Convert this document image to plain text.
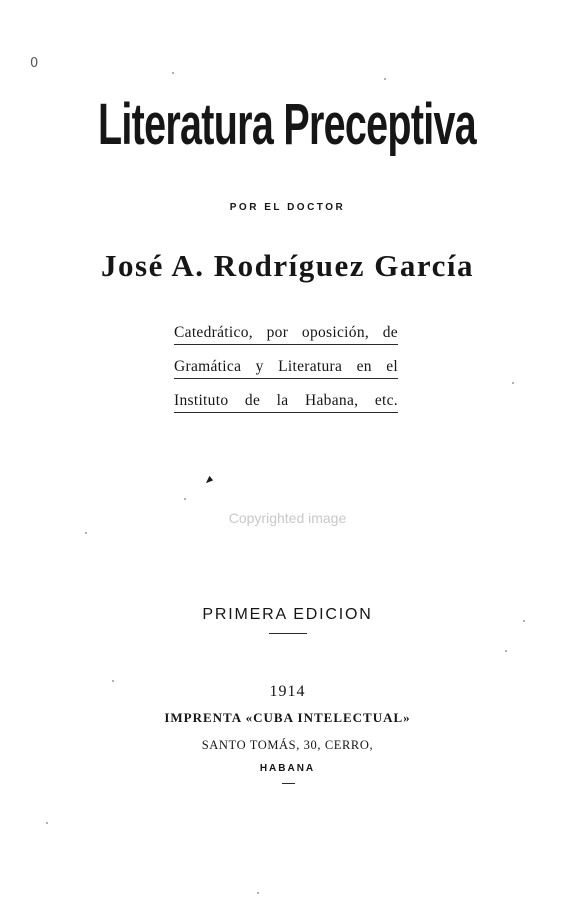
0
Literatura Preceptiva
POR EL DOCTOR
José A. Rodríguez García
Catedrático, por oposición, de
Gramática y Literatura en el
Instituto de la Habana, etc.
Copyrighted image
PRIMERA EDICION
1914
IMPRENTA «CUBA INTELECTUAL»
SANTO TOMÁS, 30, CERRO,
HABANA
